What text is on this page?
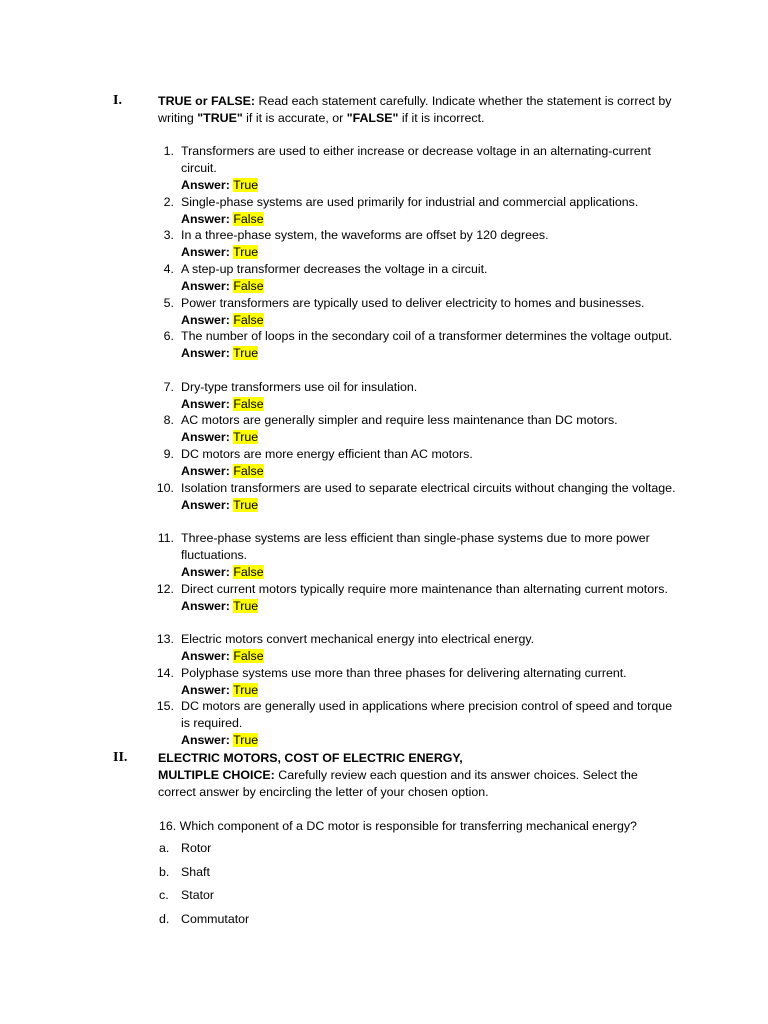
I.	TRUE or FALSE: Read each statement carefully. Indicate whether the statement is correct by writing "TRUE" if it is accurate, or "FALSE" if it is incorrect.
1. Transformers are used to either increase or decrease voltage in an alternating-current circuit.
Answer: True
2. Single-phase systems are used primarily for industrial and commercial applications.
Answer: False
3. In a three-phase system, the waveforms are offset by 120 degrees.
Answer: True
4. A step-up transformer decreases the voltage in a circuit.
Answer: False
5. Power transformers are typically used to deliver electricity to homes and businesses.
Answer: False
6. The number of loops in the secondary coil of a transformer determines the voltage output.
Answer: True
7. Dry-type transformers use oil for insulation.
Answer: False
8. AC motors are generally simpler and require less maintenance than DC motors.
Answer: True
9. DC motors are more energy efficient than AC motors.
Answer: False
10. Isolation transformers are used to separate electrical circuits without changing the voltage.
Answer: True
11. Three-phase systems are less efficient than single-phase systems due to more power fluctuations.
Answer: False
12. Direct current motors typically require more maintenance than alternating current motors.
Answer: True
13. Electric motors convert mechanical energy into electrical energy.
Answer: False
14. Polyphase systems use more than three phases for delivering alternating current.
Answer: True
15. DC motors are generally used in applications where precision control of speed and torque is required.
Answer: True
II. ELECTRIC MOTORS, COST OF ELECTRIC ENERGY,
MULTIPLE CHOICE: Carefully review each question and its answer choices. Select the correct answer by encircling the letter of your chosen option.
16. Which component of a DC motor is responsible for transferring mechanical energy?
a. Rotor
b. Shaft
c. Stator
d. Commutator
